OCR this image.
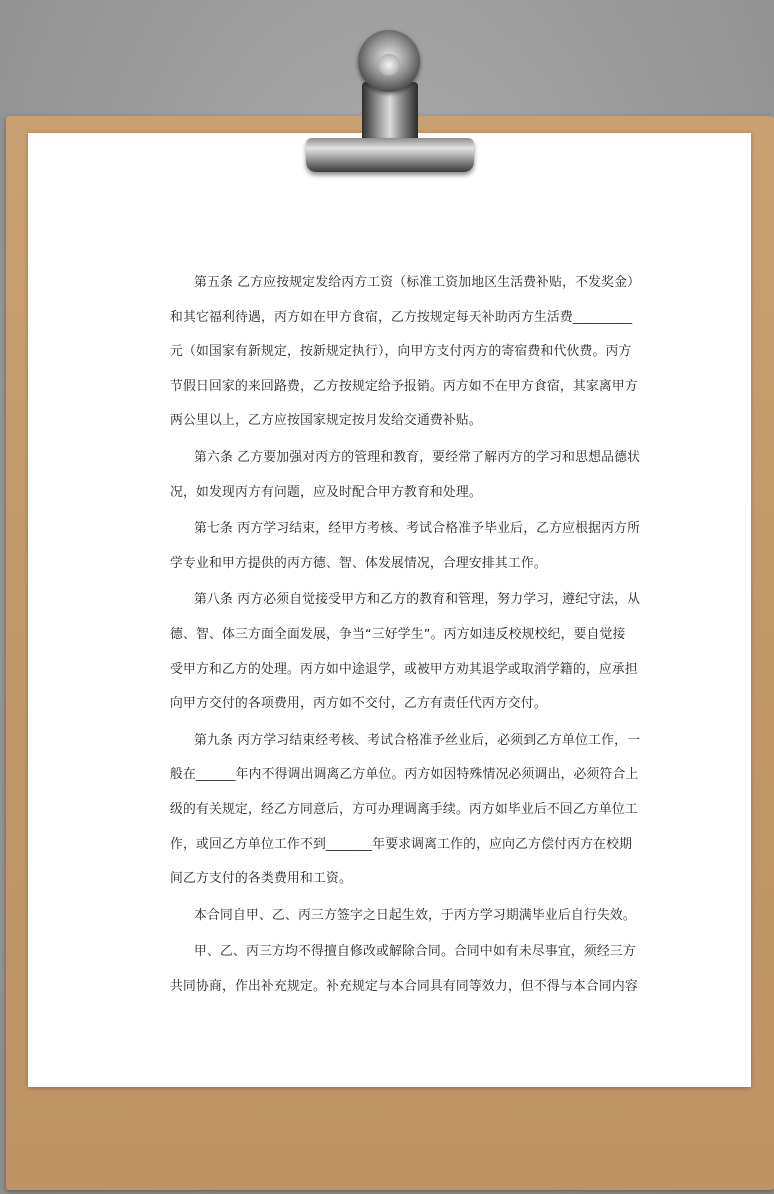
第五条 乙方应按规定发给丙方工资（标准工资加地区生活费补贴，不发奖金）

和其它福利待遇，丙方如在甲方食宿，乙方按规定每天补助丙方生活费_________

元（如国家有新规定，按新规定执行），向甲方支付丙方的寄宿费和代伙费。丙方

节假日回家的来回路费，乙方按规定给予报销。丙方如不在甲方食宿，其家离甲方

两公里以上，乙方应按国家规定按月发给交通费补贴。

第六条 乙方要加强对丙方的管理和教育，要经常了解丙方的学习和思想品德状

况，如发现丙方有问题，应及时配合甲方教育和处理。

第七条 丙方学习结束，经甲方考核、考试合格准予毕业后，乙方应根据丙方所

学专业和甲方提供的丙方德、智、体发展情况，合理安排其工作。

第八条 丙方必须自觉接受甲方和乙方的教育和管理，努力学习，遵纪守法，从

德、智、体三方面全面发展，争当“三好学生”。丙方如违反校规校纪，要自觉接

受甲方和乙方的处理。丙方如中途退学，或被甲方劝其退学或取消学籍的，应承担

向甲方交付的各项费用，丙方如不交付，乙方有责任代丙方交付。

第九条 丙方学习结束经考核、考试合格准予丝业后，必须到乙方单位工作，一

般在______年内不得调出调离乙方单位。丙方如因特殊情况必须调出，必须符合上

级的有关规定，经乙方同意后，方可办理调离手续。丙方如毕业后不回乙方单位工

作，或回乙方单位工作不到_______年要求调离工作的，应向乙方偿付丙方在校期

间乙方支付的各类费用和工资。

本合同自甲、乙、丙三方签字之日起生效，于丙方学习期满毕业后自行失效。

甲、乙、丙三方均不得擅自修改或解除合同。合同中如有未尽事宜，须经三方

共同协商，作出补充规定。补充规定与本合同具有同等效力，但不得与本合同内容
